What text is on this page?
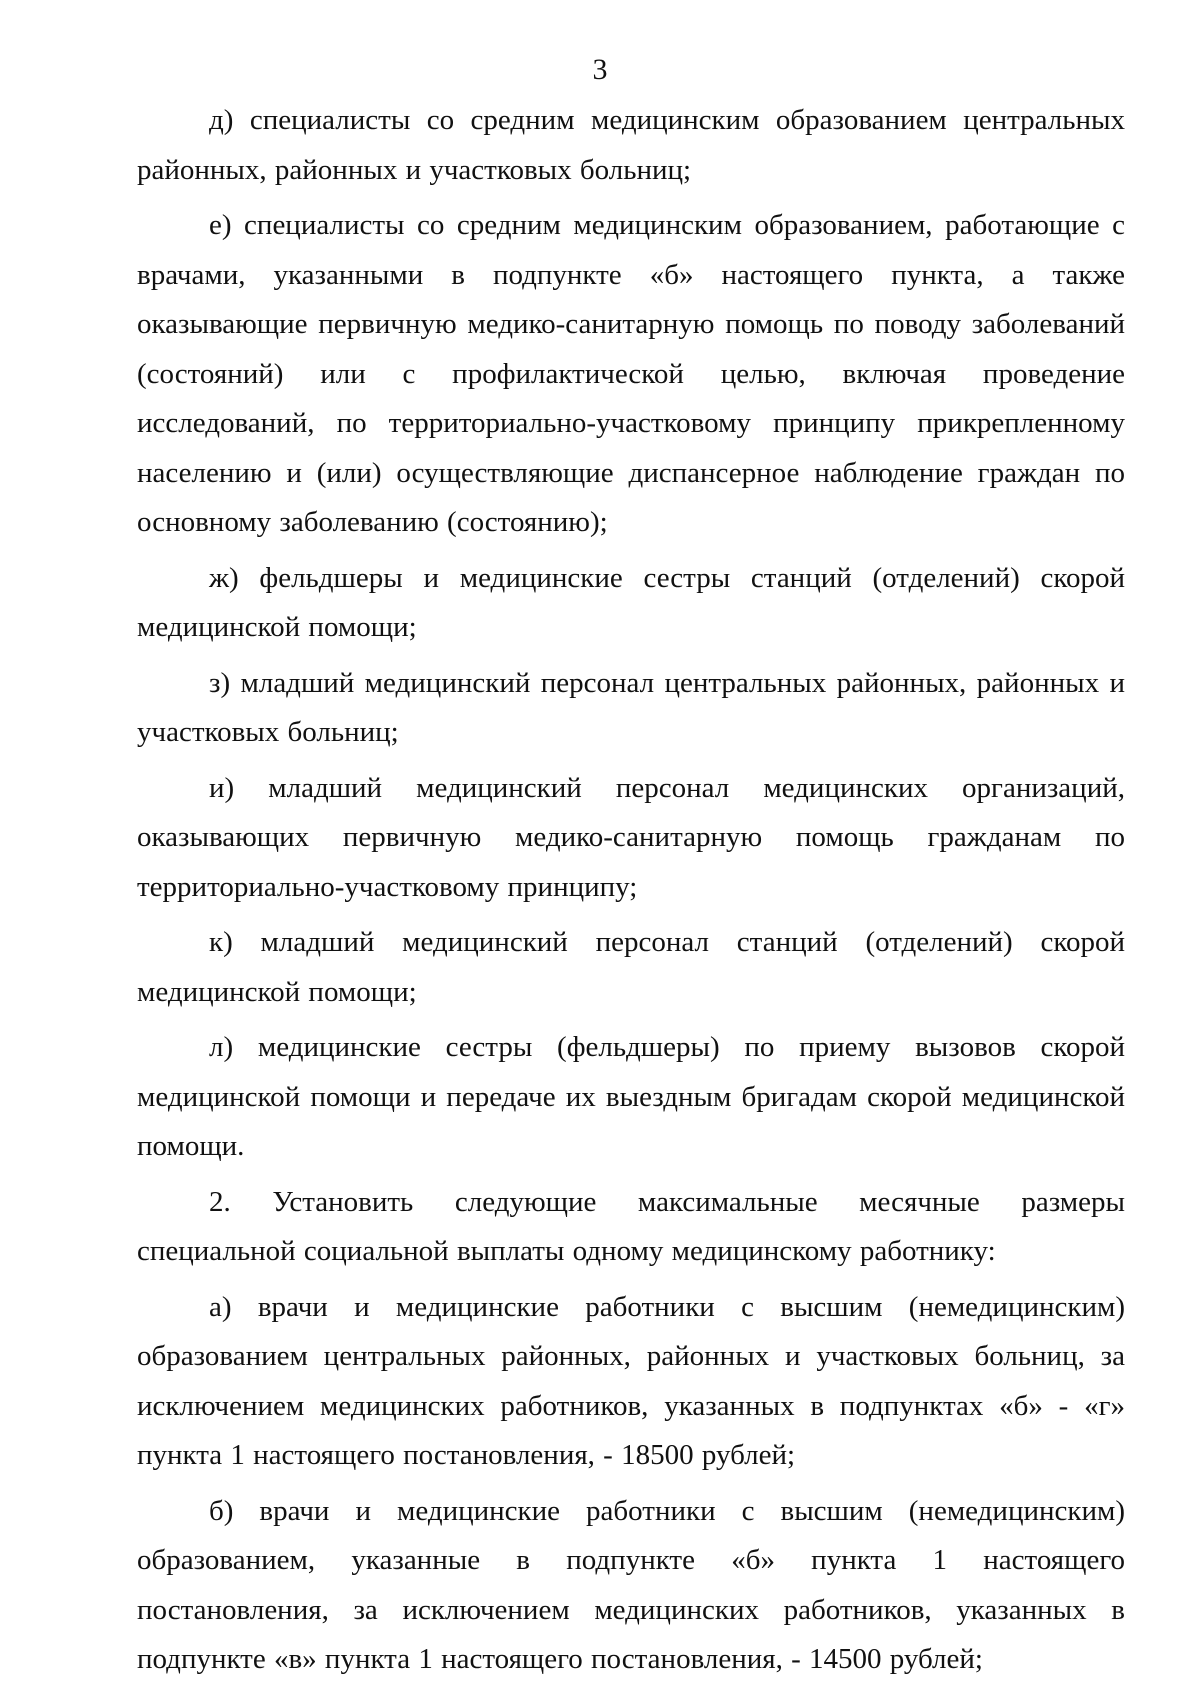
3

д) специалисты со средним медицинским образованием центральных районных, районных и участковых больниц;

е) специалисты со средним медицинским образованием, работающие с врачами, указанными в подпункте «б» настоящего пункта, а также оказывающие первичную медико-санитарную помощь по поводу заболеваний (состояний) или с профилактической целью, включая проведение исследований, по территориально-участковому принципу прикрепленному населению и (или) осуществляющие диспансерное наблюдение граждан по основному заболеванию (состоянию);

ж) фельдшеры и медицинские сестры станций (отделений) скорой медицинской помощи;

з) младший медицинский персонал центральных районных, районных и участковых больниц;

и) младший медицинский персонал медицинских организаций, оказывающих первичную медико-санитарную помощь гражданам по территориально-участковому принципу;

к) младший медицинский персонал станций (отделений) скорой медицинской помощи;

л) медицинские сестры (фельдшеры) по приему вызовов скорой медицинской помощи и передаче их выездным бригадам скорой медицинской помощи.

2. Установить следующие максимальные месячные размеры специальной социальной выплаты одному медицинскому работнику:

а) врачи и медицинские работники с высшим (немедицинским) образованием центральных районных, районных и участковых больниц, за исключением медицинских работников, указанных в подпунктах «б» - «г» пункта 1 настоящего постановления, - 18500 рублей;

б) врачи и медицинские работники с высшим (немедицинским) образованием, указанные в подпункте «б» пункта 1 настоящего постановления, за исключением медицинских работников, указанных в подпункте «в» пункта 1 настоящего постановления, - 14500 рублей;
